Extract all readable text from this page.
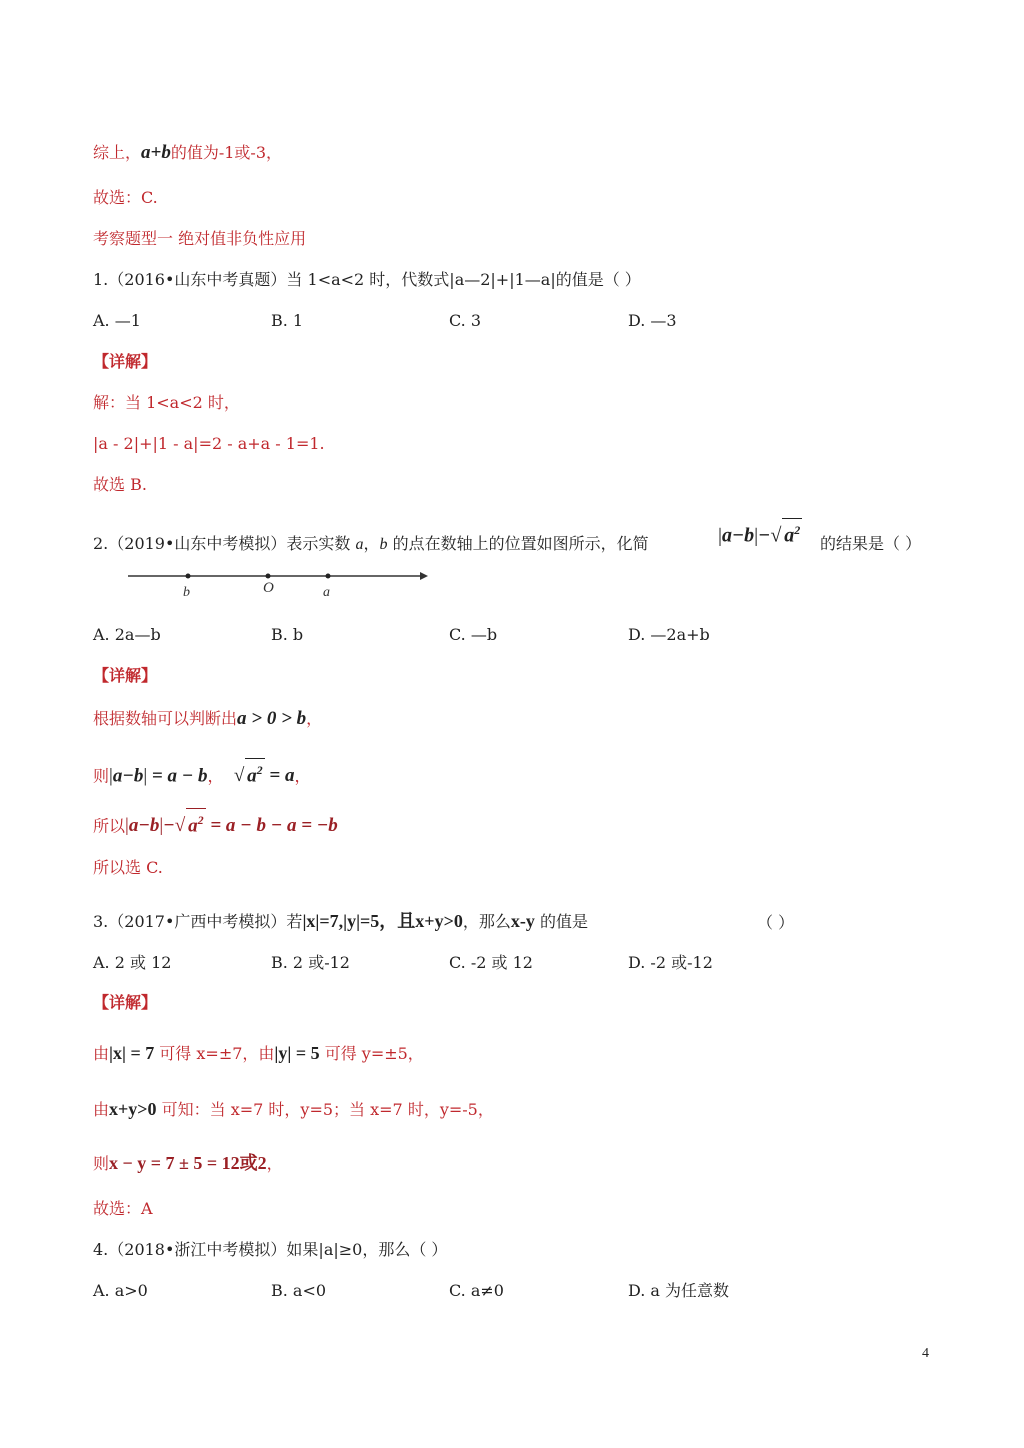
综上，a+b的值为-1或-3，
故选：C.
考察题型一 绝对值非负性应用
1.（2016•山东中考真题）当 1<a<2 时，代数式|a—2|+|1—a|的值是（ ）
A. —1	B. 1	C. 3	D. —3
【详解】
解：当 1<a<2 时，
|a - 2|+|1 - a|=2 - a+a - 1=1.
故选 B.
2.（2019•山东中考模拟）表示实数 a，b 的点在数轴上的位置如图所示，化简	|a−b|−√ $a^2$
的结果是（ ）
b	O	a
A. 2a—b	B. b	C. —b	D. —2a+b
【详解】
根据数轴可以判断出a > 0 > b，
则|a−b| = a − b， √ $a^2 = a$，
所以|a−b|−√ $a^2 = a - b - a = -b$
所以选 C.
3.（2017•广西中考模拟）若|x|=7,|y|=5，且x+y>0，那么x-y 的值是	（ ）
A. 2 或 12	B. 2 或-12	C. -2 或 12	D. -2 或-12
【详解】
由|x| = 7 可得 x=±7，由|y| = 5 可得 y=±5，
由x+y>0 可知：当 x=7 时，y=5；当 x=7 时，y=-5，
则x − y = 7 ± 5 = 12或2，
故选：A
4.（2018•浙江中考模拟）如果|a|≥0，那么（ ）
A. a>0	B. a<0	C. a≠0	D. a 为任意数
4
